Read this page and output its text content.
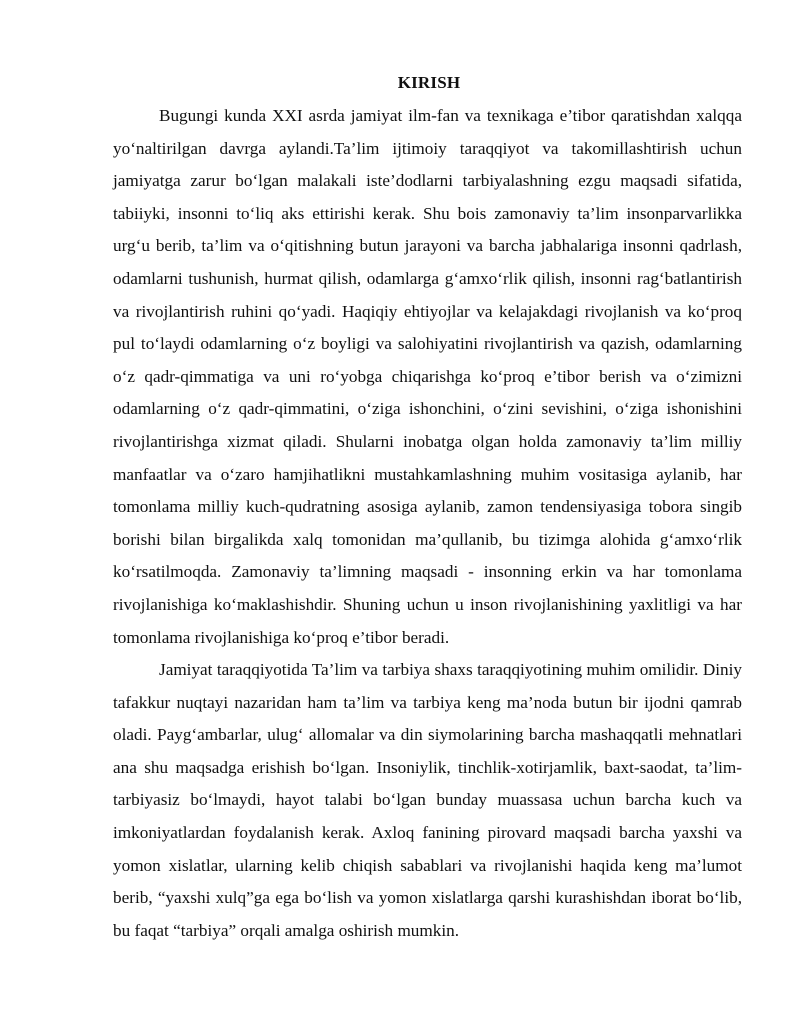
KIRISH

Bugungi kunda XXI asrda jamiyat ilm-fan va texnikaga e’tibor qaratishdan xalqqa yo‘naltirilgan davrga aylandi.Ta’lim ijtimoiy taraqqiyot va takomillashtirish uchun jamiyatga zarur bo‘lgan malakali iste’dodlarni tarbiyalashning ezgu maqsadi sifatida, tabiiyki, insonni to‘liq aks ettirishi kerak. Shu bois zamonaviy ta’lim insonparvarlikka urg‘u berib, ta’lim va o‘qitishning butun jarayoni va barcha jabhalariga insonni qadrlash, odamlarni tushunish, hurmat qilish, odamlarga g‘amxo‘rlik qilish, insonni rag‘batlantirish va rivojlantirish ruhini qo‘yadi. Haqiqiy ehtiyojlar va kelajakdagi rivojlanish va ko‘proq pul to‘laydi odamlarning o‘z boyligi va salohiyatini rivojlantirish va qazish, odamlarning o‘z qadr-qimmatiga va uni ro‘yobga chiqarishga ko‘proq e’tibor berish va o‘zimizni odamlarning o‘z qadr-qimmatini, o‘ziga ishonchini, o‘zini sevishini, o‘ziga ishonishini rivojlantirishga xizmat qiladi. Shularni inobatga olgan holda zamonaviy ta’lim milliy manfaatlar va o‘zaro hamjihatlikni mustahkamlashning muhim vositasiga aylanib, har tomonlama milliy kuch-qudratning asosiga aylanib, zamon tendensiyasiga tobora singib borishi bilan birgalikda xalq tomonidan ma’qullanib, bu tizimga alohida g‘amxo‘rlik ko‘rsatilmoqda. Zamonaviy ta’limning maqsadi - insonning erkin va har tomonlama rivojlanishiga ko‘maklashishdir. Shuning uchun u inson rivojlanishining yaxlitligi va har tomonlama rivojlanishiga ko‘proq e’tibor beradi.

Jamiyat taraqqiyotida Ta’lim va tarbiya shaxs taraqqiyotining muhim omilidir. Diniy tafakkur nuqtayi nazaridan ham ta’lim va tarbiya keng ma’noda butun bir ijodni qamrab oladi. Payg‘ambarlar, ulug‘ allomalar va din siymolarining barcha mashaqqatli mehnatlari ana shu maqsadga erishish bo‘lgan. Insoniylik, tinchlik-xotirjamlik, baxt-saodat, ta’lim-tarbiyasiz bo‘lmaydi, hayot talabi bo‘lgan bunday muassasa uchun barcha kuch va imkoniyatlardan foydalanish kerak. Axloq fanining pirovard maqsadi barcha yaxshi va yomon xislatlar, ularning kelib chiqish sabablari va rivojlanishi haqida keng ma’lumot berib, “yaxshi xulq”ga ega bo‘lish va yomon xislatlarga qarshi kurashishdan iborat bo‘lib, bu faqat “tarbiya” orqali amalga oshirish mumkin.
